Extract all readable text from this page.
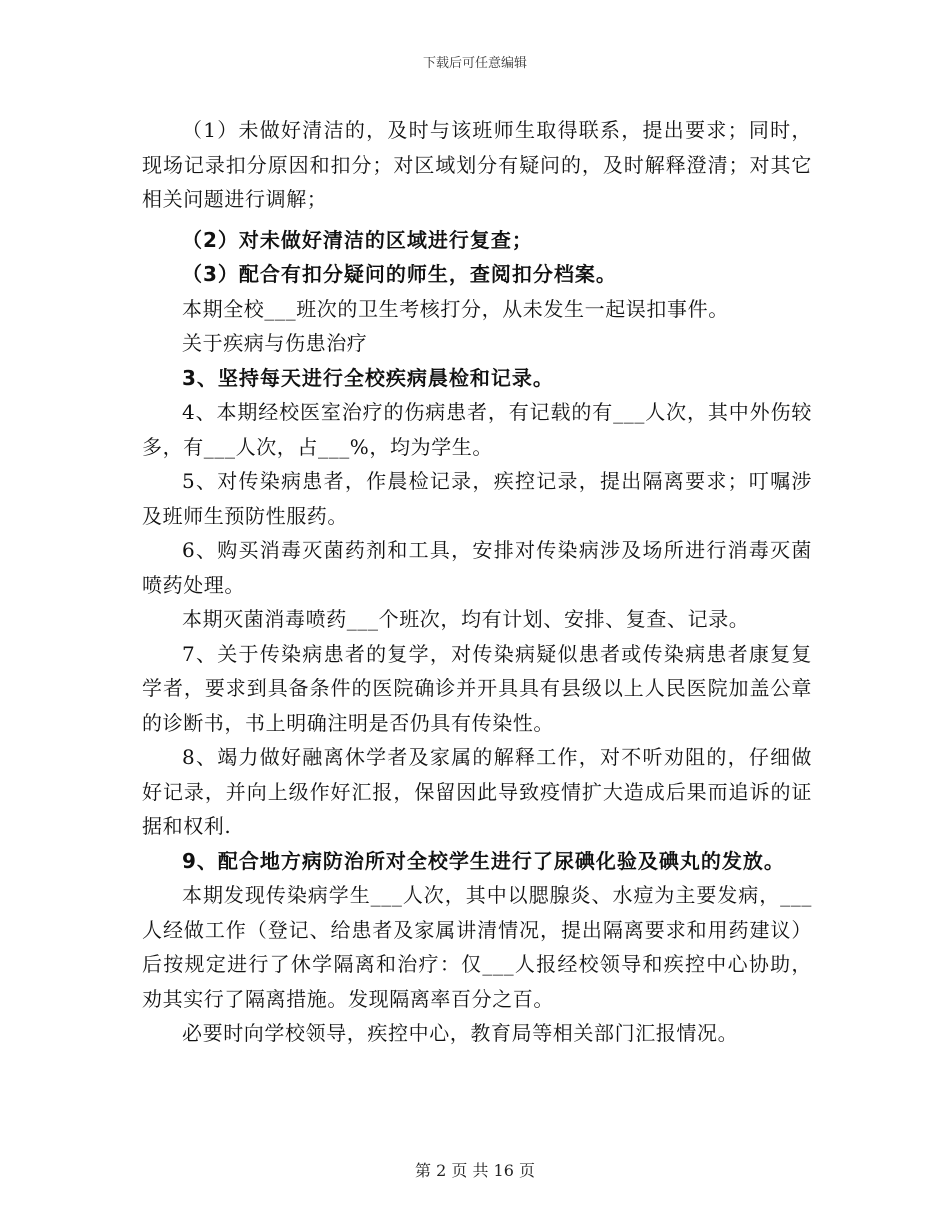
下载后可任意编辑

（1）未做好清洁的，及时与该班师生取得联系，提出要求；同时，现场记录扣分原因和扣分；对区域划分有疑问的，及时解释澄清；对其它相关问题进行调解；

（2）对未做好清洁的区域进行复查；

（3）配合有扣分疑问的师生，查阅扣分档案。

本期全校___班次的卫生考核打分，从未发生一起误扣事件。

关于疾病与伤患治疗

3、坚持每天进行全校疾病晨检和记录。

4、本期经校医室治疗的伤病患者，有记载的有___人次，其中外伤较多，有___人次，占___%，均为学生。

5、对传染病患者，作晨检记录，疾控记录，提出隔离要求；叮嘱涉及班师生预防性服药。

6、购买消毒灭菌药剂和工具，安排对传染病涉及场所进行消毒灭菌喷药处理。

本期灭菌消毒喷药___个班次，均有计划、安排、复查、记录。

7、关于传染病患者的复学，对传染病疑似患者或传染病患者康复复学者，要求到具备条件的医院确诊并开具具有县级以上人民医院加盖公章的诊断书，书上明确注明是否仍具有传染性。

8、竭力做好融离休学者及家属的解释工作，对不听劝阻的，仔细做好记录，并向上级作好汇报，保留因此导致疫情扩大造成后果而追诉的证据和权利.

9、配合地方病防治所对全校学生进行了尿碘化验及碘丸的发放。

本期发现传染病学生___人次，其中以腮腺炎、水痘为主要发病，___人经做工作（登记、给患者及家属讲清情况，提出隔离要求和用药建议）后按规定进行了休学隔离和治疗：仅___人报经校领导和疾控中心协助，劝其实行了隔离措施。发现隔离率百分之百。

必要时向学校领导，疾控中心，教育局等相关部门汇报情况。

第 2 页 共 16 页
